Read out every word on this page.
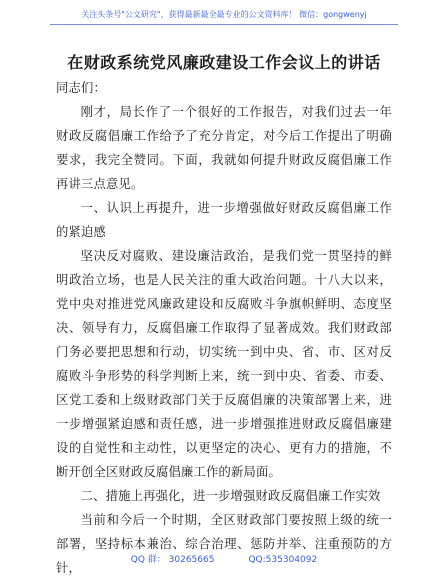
关注头条号"公文研究"，获得最新最全最专业的公文资料库！ 微信：gongwenyj
在财政系统党风廉政建设工作会议上的讲话

同志们：

刚才，局长作了一个很好的工作报告，对我们过去一年财政反腐倡廉工作给予了充分肯定，对今后工作提出了明确要求，我完全赞同。下面，我就如何提升财政反腐倡廉工作再讲三点意见。

一、认识上再提升，进一步增强做好财政反腐倡廉工作的紧迫感

坚决反对腐败、建设廉洁政治，是我们党一贯坚持的鲜明政治立场，也是人民关注的重大政治问题。十八大以来，党中央对推进党风廉政建设和反腐败斗争旗帜鲜明、态度坚决、领导有力，反腐倡廉工作取得了显著成效。我们财政部门务必要把思想和行动，切实统一到中央、省、市、区对反腐败斗争形势的科学判断上来，统一到中央、省委、市委、区党工委和上级财政部门关于反腐倡廉的决策部署上来，进一步增强紧迫感和责任感，进一步增强推进财政反腐倡廉建设的自觉性和主动性，以更坚定的决心、更有力的措施，不断开创全区财政反腐倡廉工作的新局面。

二、措施上再强化，进一步增强财政反腐倡廉工作实效

当前和今后一个时期，全区财政部门要按照上级的统一部署，坚持标本兼治、综合治理、惩防并举、注重预防的方针，

QQ 群： 30265665	QQ:535304092
